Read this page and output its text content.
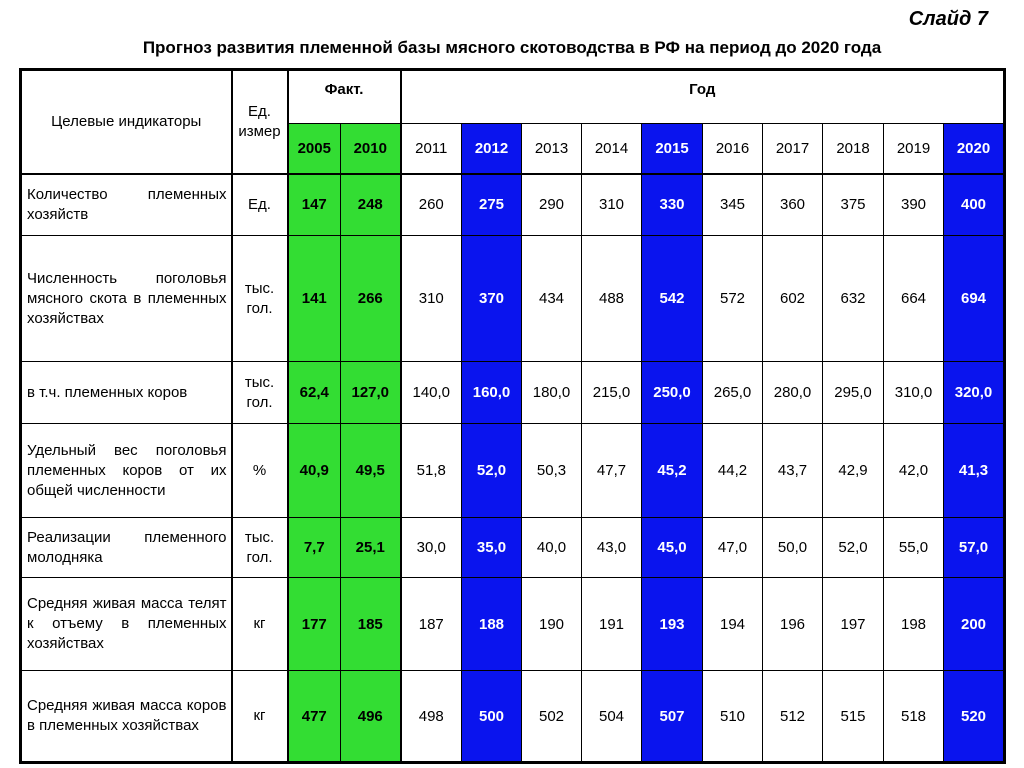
Слайд 7
Прогноз развития племенной базы мясного скотоводства в РФ на период до 2020 года
Целевые индикаторы	Ед. измер	Факт.		Год									
		2005	2010	2011	2012	2013	2014	2015	2016	2017	2018	2019	2020
Количество племенных хозяйств	Ед.	147	248	260	275	290	310	330	345	360	375	390	400
Численность поголовья мясного скота в племенных хозяйствах	тыс. гол.	141	266	310	370	434	488	542	572	602	632	664	694
в т.ч. племенных коров	тыс. гол.	62,4	127,0	140,0	160,0	180,0	215,0	250,0	265,0	280,0	295,0	310,0	320,0
Удельный вес поголовья племенных коров от их общей численности	%	40,9	49,5	51,8	52,0	50,3	47,7	45,2	44,2	43,7	42,9	42,0	41,3
Реализации племенного молодняка	тыс. гол.	7,7	25,1	30,0	35,0	40,0	43,0	45,0	47,0	50,0	52,0	55,0	57,0
Средняя живая масса телят к отъему в племенных хозяйствах	кг	177	185	187	188	190	191	193	194	196	197	198	200
Средняя живая масса коров в племенных хозяйствах	кг	477	496	498	500	502	504	507	510	512	515	518	520
